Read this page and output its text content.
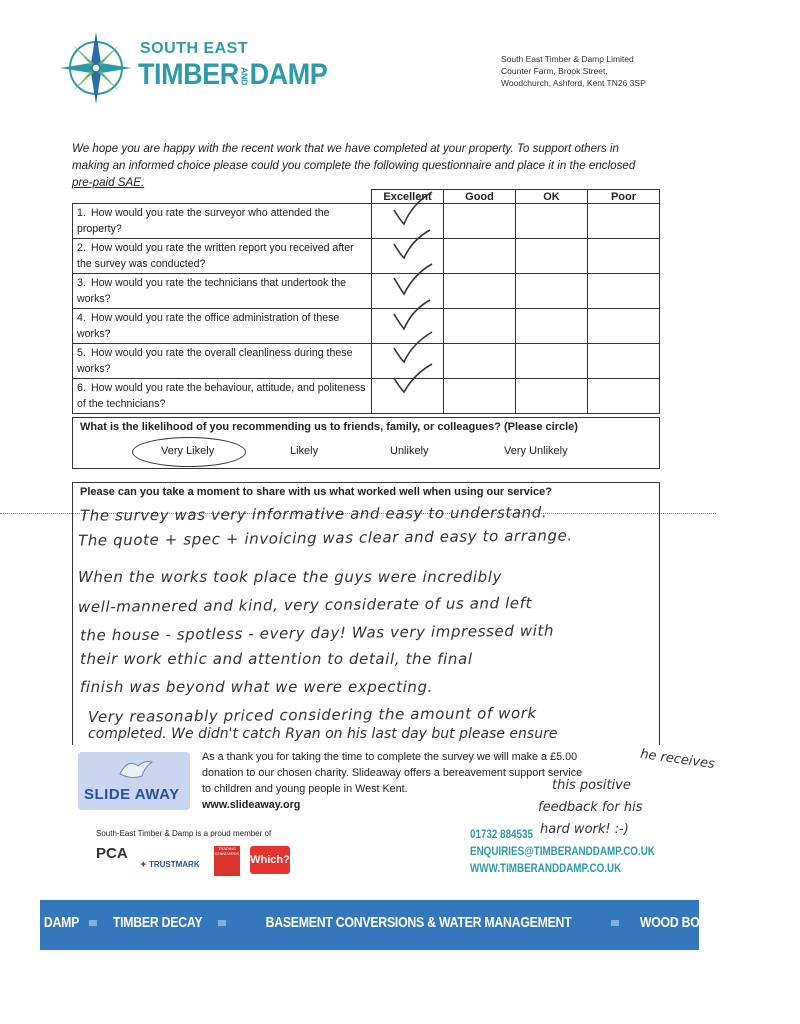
SOUTH EAST
TIMBERANDDAMP	South East Timber & Damp Limited
Counter Farm, Brook Street,
Woodchurch, Ashford, Kent TN26 3SP
We hope you are happy with the recent work that we have completed at your property. To support others in
making an informed choice please could you complete the following questionnaire and place it in the enclosed
pre-paid SAE.
	Excellent	Good	OK	Poor
1. How would you rate the surveyor who attended the property?				
2. How would you rate the written report you received after the survey was conducted?				
3. How would you rate the technicians that undertook the works?				
4. How would you rate the office administration of these works?				
5. How would you rate the overall cleanliness during these works?				
6. How would you rate the behaviour, attitude, and politeness of the technicians?				
What is the likelihood of you recommending us to friends, family, or colleagues? (Please circle)
Very Likely	Likely	Unlikely	Very Unlikely
Please can you take a moment to share with us what worked well when using our service?
The survey was very informative and easy to understand.
The quote + spec + invoicing was clear and easy to arrange.
When the works took place the guys were incredibly
well-mannered and kind, very considerate of us and left
the house - spotless - every day! Was very impressed with
their work ethic and attention to detail, the final
finish was beyond what we were expecting.
Very reasonably priced considering the amount of work
completed. We didn't catch Ryan on his last day but please ensure
SLIDE AWAY
As a thank you for taking the time to complete the survey we will make a £5.00
donation to our chosen charity. Slideaway offers a bereavement support service
to children and young people in West Kent.
www.slideaway.org
he receives
this positive
feedback for his
hard work! :-)
South-East Timber & Damp is a proud member of
PCA
✦ TRUSTMARK
TRADING STANDARDS
Which?
01732 884535
ENQUIRIES@TIMBERANDDAMP.CO.UK
WWW.TIMBERANDDAMP.CO.UK
DAMP TIMBER DECAY	BASEMENT CONVERSIONS & WATER MANAGEMENT	WOOD BORING INSECTS
